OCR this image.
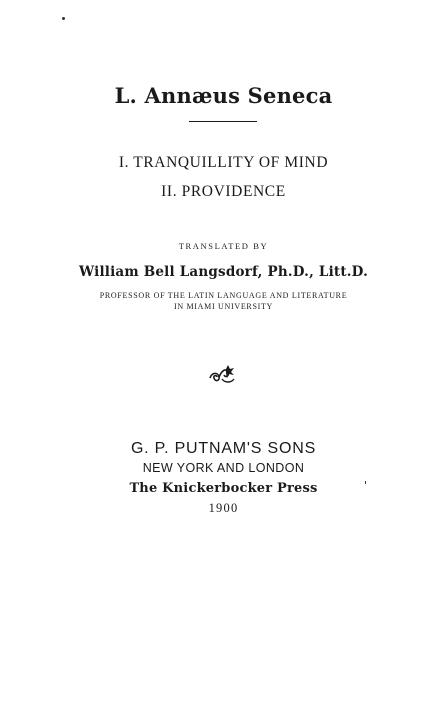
L. Annæus Seneca
I. TRANQUILLITY OF MIND
II. PROVIDENCE
TRANSLATED BY
William Bell Langsdorf, Ph.D., Litt.D.
PROFESSOR OF THE LATIN LANGUAGE AND LITERATURE
IN MIAMI UNIVERSITY
G. P. PUTNAM'S SONS
NEW YORK AND LONDON
The Knickerbocker Press
1900
